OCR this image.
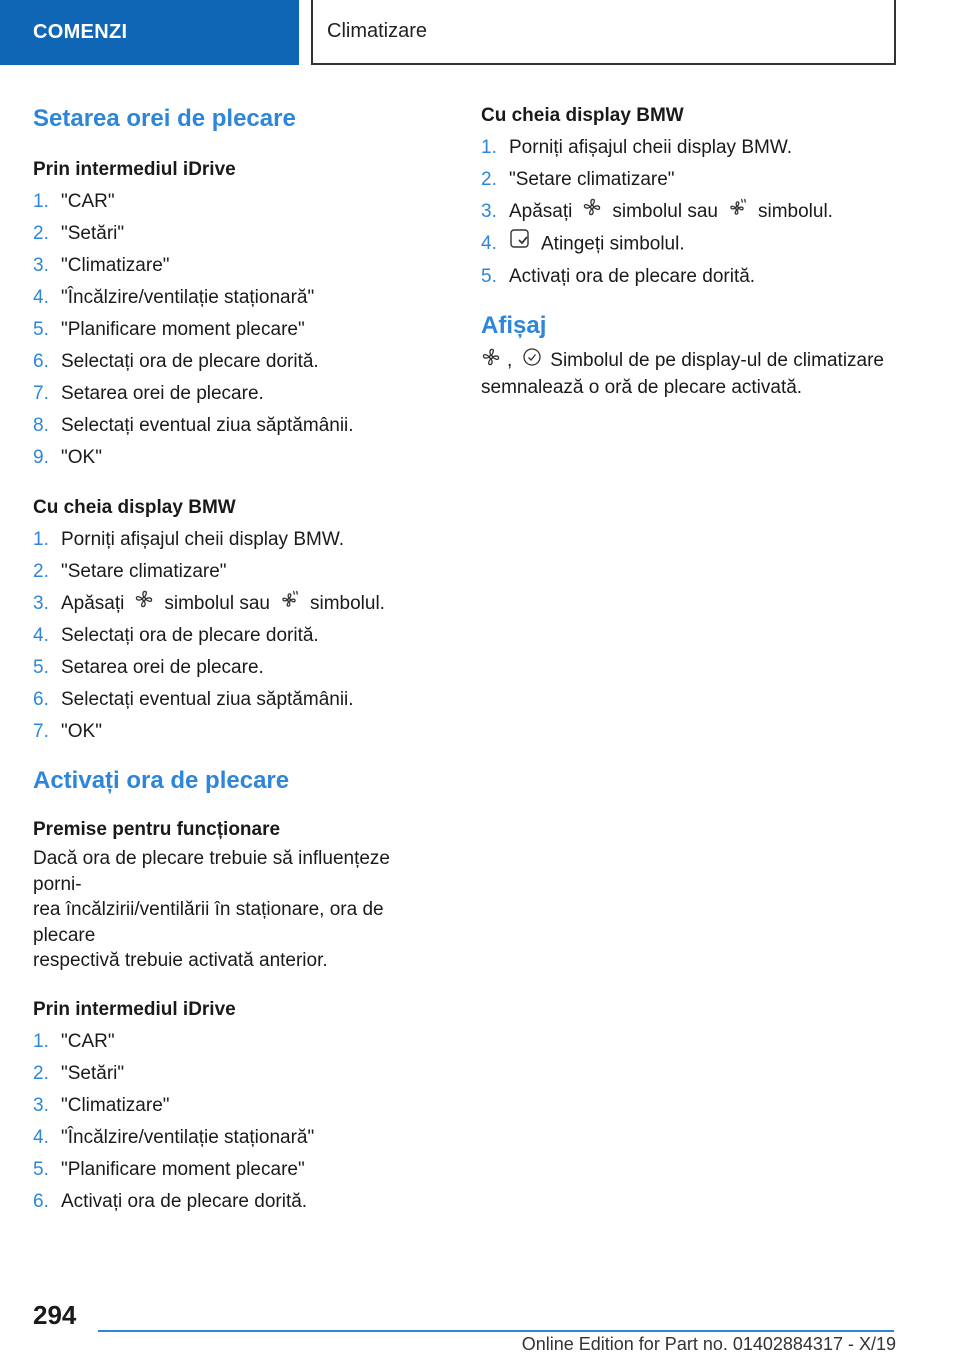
COMENZI	Climatizare
Setarea orei de plecare
Prin intermediul iDrive
1. "CAR"
2. "Setări"
3. "Climatizare"
4. "Încălzire/ventilație staționară"
5. "Planificare moment plecare"
6. Selectați ora de plecare dorită.
7. Setarea orei de plecare.
8. Selectați eventual ziua săptămânii.
9. "OK"
Cu cheia display BMW
1. Porniți afișajul cheii display BMW.
2. "Setare climatizare"
3. Apăsați simbolul sau simbolul.
4. Selectați ora de plecare dorită.
5. Setarea orei de plecare.
6. Selectați eventual ziua săptămânii.
7. "OK"
Activați ora de plecare
Premise pentru funcționare

Dacă ora de plecare trebuie să influențeze porni-
rea încălzirii/ventilării în staționare, ora de plecare
respectivă trebuie activată anterior.

Prin intermediul iDrive
1. "CAR"
2. "Setări"
3. "Climatizare"
4. "Încălzire/ventilație staționară"
5. "Planificare moment plecare"
6. Activați ora de plecare dorită.
Cu cheia display BMW
1. Porniți afișajul cheii display BMW.
2. "Setare climatizare"
3. Apăsați simbolul sau simbolul.
4.	Atingeți simbolul.
5. Activați ora de plecare dorită.
Afișaj

, Simbolul de pe display-ul de climatizare
semnalează o oră de plecare activată.

294
Online Edition for Part no. 01402884317 - X/19
